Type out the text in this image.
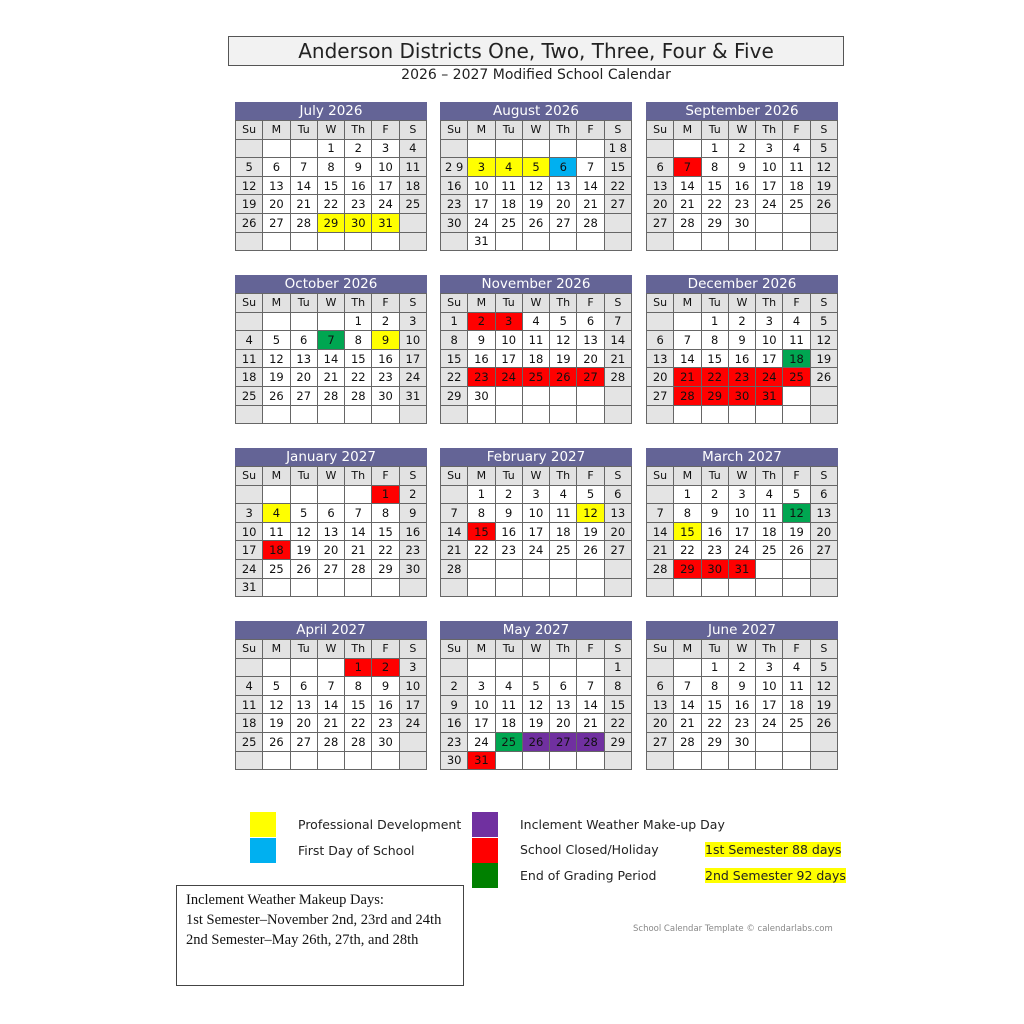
Anderson Districts One, Two, Three, Four & Five
2026 – 2027 Modified School Calendar
July 2026
Su	M	Tu	W	Th	F	S
			1	2	3	4
5	6	7	8	9	10	11
12	13	14	15	16	17	18
19	20	21	22	23	24	25
26	27	28	29	30	31	

August 2026
Su	M	Tu	W	Th	F	S
						1 8
2 9	3	4	5	6	7	15
16	10	11	12	13	14	22
23	17	18	19	20	21	27
30	24	25	26	27	28	
	31					
September 2026
Su	M	Tu	W	Th	F	S
		1	2	3	4	5
6	7	8	9	10	11	12
13	14	15	16	17	18	19
20	21	22	23	24	25	26
27	28	29	30			

October 2026
Su	M	Tu	W	Th	F	S
				1	2	3
4	5	6	7	8	9	10
11	12	13	14	15	16	17
18	19	20	21	22	23	24
25	26	27	28	28	30	31

November 2026
Su	M	Tu	W	Th	F	S
1	2	3	4	5	6	7
8	9	10	11	12	13	14
15	16	17	18	19	20	21
22	23	24	25	26	27	28
29	30					

December 2026
Su	M	Tu	W	Th	F	S
		1	2	3	4	5
6	7	8	9	10	11	12
13	14	15	16	17	18	19
20	21	22	23	24	25	26
27	28	29	30	31		

January 2027
Su	M	Tu	W	Th	F	S
					1	2
3	4	5	6	7	8	9
10	11	12	13	14	15	16
17	18	19	20	21	22	23
24	25	26	27	28	29	30
31						
February 2027
Su	M	Tu	W	Th	F	S
	1	2	3	4	5	6
7	8	9	10	11	12	13
14	15	16	17	18	19	20
21	22	23	24	25	26	27
28						

March 2027
Su	M	Tu	W	Th	F	S
	1	2	3	4	5	6
7	8	9	10	11	12	13
14	15	16	17	18	19	20
21	22	23	24	25	26	27
28	29	30	31			

April 2027
Su	M	Tu	W	Th	F	S
				1	2	3
4	5	6	7	8	9	10
11	12	13	14	15	16	17
18	19	20	21	22	23	24
25	26	27	28	28	30	

May 2027
Su	M	Tu	W	Th	F	S
						1
2	3	4	5	6	7	8
9	10	11	12	13	14	15
16	17	18	19	20	21	22
23	24	25	26	27	28	29
30	31					
June 2027
Su	M	Tu	W	Th	F	S
		1	2	3	4	5
6	7	8	9	10	11	12
13	14	15	16	17	18	19
20	21	22	23	24	25	26
27	28	29	30			

Professional Development
First Day of School
Inclement Weather Make-up Day
School Closed/Holiday
End of Grading Period
1st Semester 88 days
2nd Semester 92 days
Inclement Weather Makeup Days:
1st Semester–November 2nd, 23rd and 24th
2nd Semester–May 26th, 27th, and 28th
School Calendar Template © calendarlabs.com
